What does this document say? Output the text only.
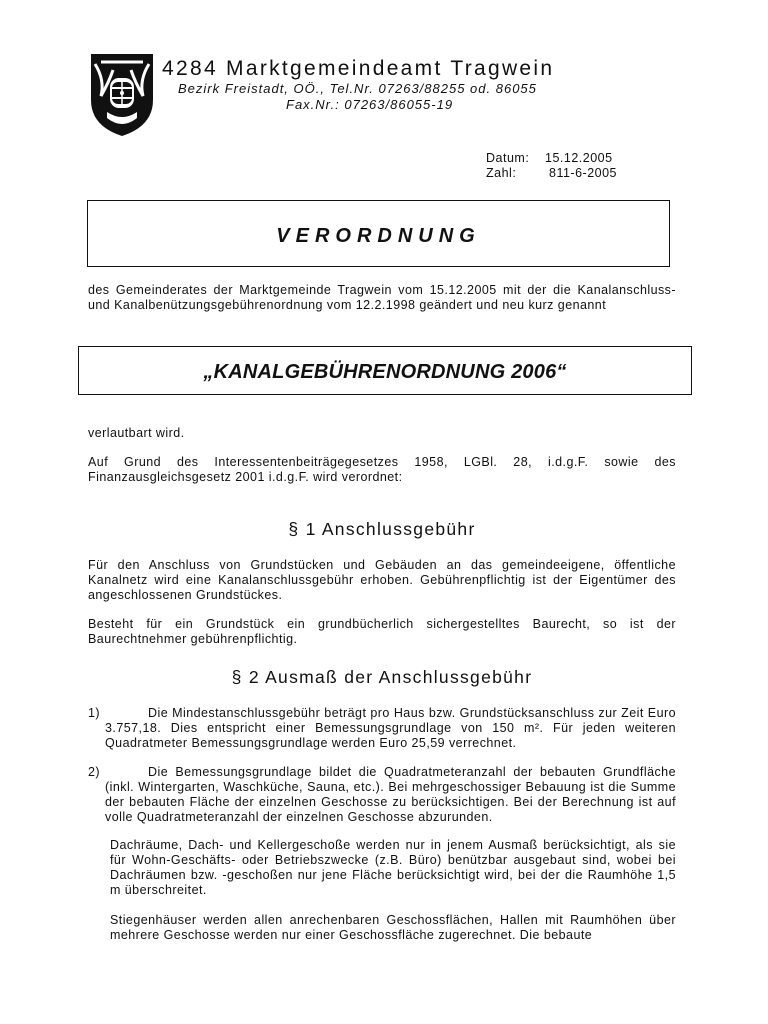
4284 Marktgemeindeamt Tragwein
Bezirk Freistadt, OÖ., Tel.Nr. 07263/88255 od. 86055
Fax.Nr.: 07263/86055-19
Datum: 15.12.2005
Zahl:	811-6-2005
VERORDNUNG
des Gemeinderates der Marktgemeinde Tragwein vom 15.12.2005 mit der die Kanalanschluss- und Kanalbenützungsgebührenordnung vom 12.2.1998 geändert und neu kurz genannt
„KANALGEBÜHRENORDNUNG 2006“
verlautbart wird.
Auf Grund des Interessentenbeiträgegesetzes 1958, LGBl. 28, i.d.g.F. sowie des Finanzausgleichsgesetz 2001 i.d.g.F. wird verordnet:
§ 1 Anschlussgebühr
Für den Anschluss von Grundstücken und Gebäuden an das gemeindeeigene, öffentliche Kanalnetz wird eine Kanalanschlussgebühr erhoben. Gebührenpflichtig ist der Eigentümer des angeschlossenen Grundstückes.
Besteht für ein Grundstück ein grundbücherlich sichergestelltes Baurecht, so ist der Baurechtnehmer gebührenpflichtig.
§ 2 Ausmaß der Anschlussgebühr
1)	Die Mindestanschlussgebühr beträgt pro Haus bzw. Grundstücksanschluss zur Zeit Euro 3.757,18. Dies entspricht einer Bemessungsgrundlage von 150 m². Für jeden weiteren Quadratmeter Bemessungsgrundlage werden Euro 25,59 verrechnet.
2)	Die Bemessungsgrundlage bildet die Quadratmeteranzahl der bebauten Grundfläche (inkl. Wintergarten, Waschküche, Sauna, etc.). Bei mehrgeschossiger Bebauung ist die Summe der bebauten Fläche der einzelnen Geschosse zu berücksichtigen. Bei der Berechnung ist auf volle Quadratmeteranzahl der einzelnen Geschosse abzurunden.
Dachräume, Dach- und Kellergeschoße werden nur in jenem Ausmaß berücksichtigt, als sie für Wohn-Geschäfts- oder Betriebszwecke (z.B. Büro) benützbar ausgebaut sind, wobei bei Dachräumen bzw. -geschoßen nur jene Fläche berücksichtigt wird, bei der die Raumhöhe 1,5 m überschreitet.
Stiegenhäuser werden allen anrechenbaren Geschossflächen, Hallen mit Raumhöhen über mehrere Geschosse werden nur einer Geschossfläche zugerechnet. Die bebaute
